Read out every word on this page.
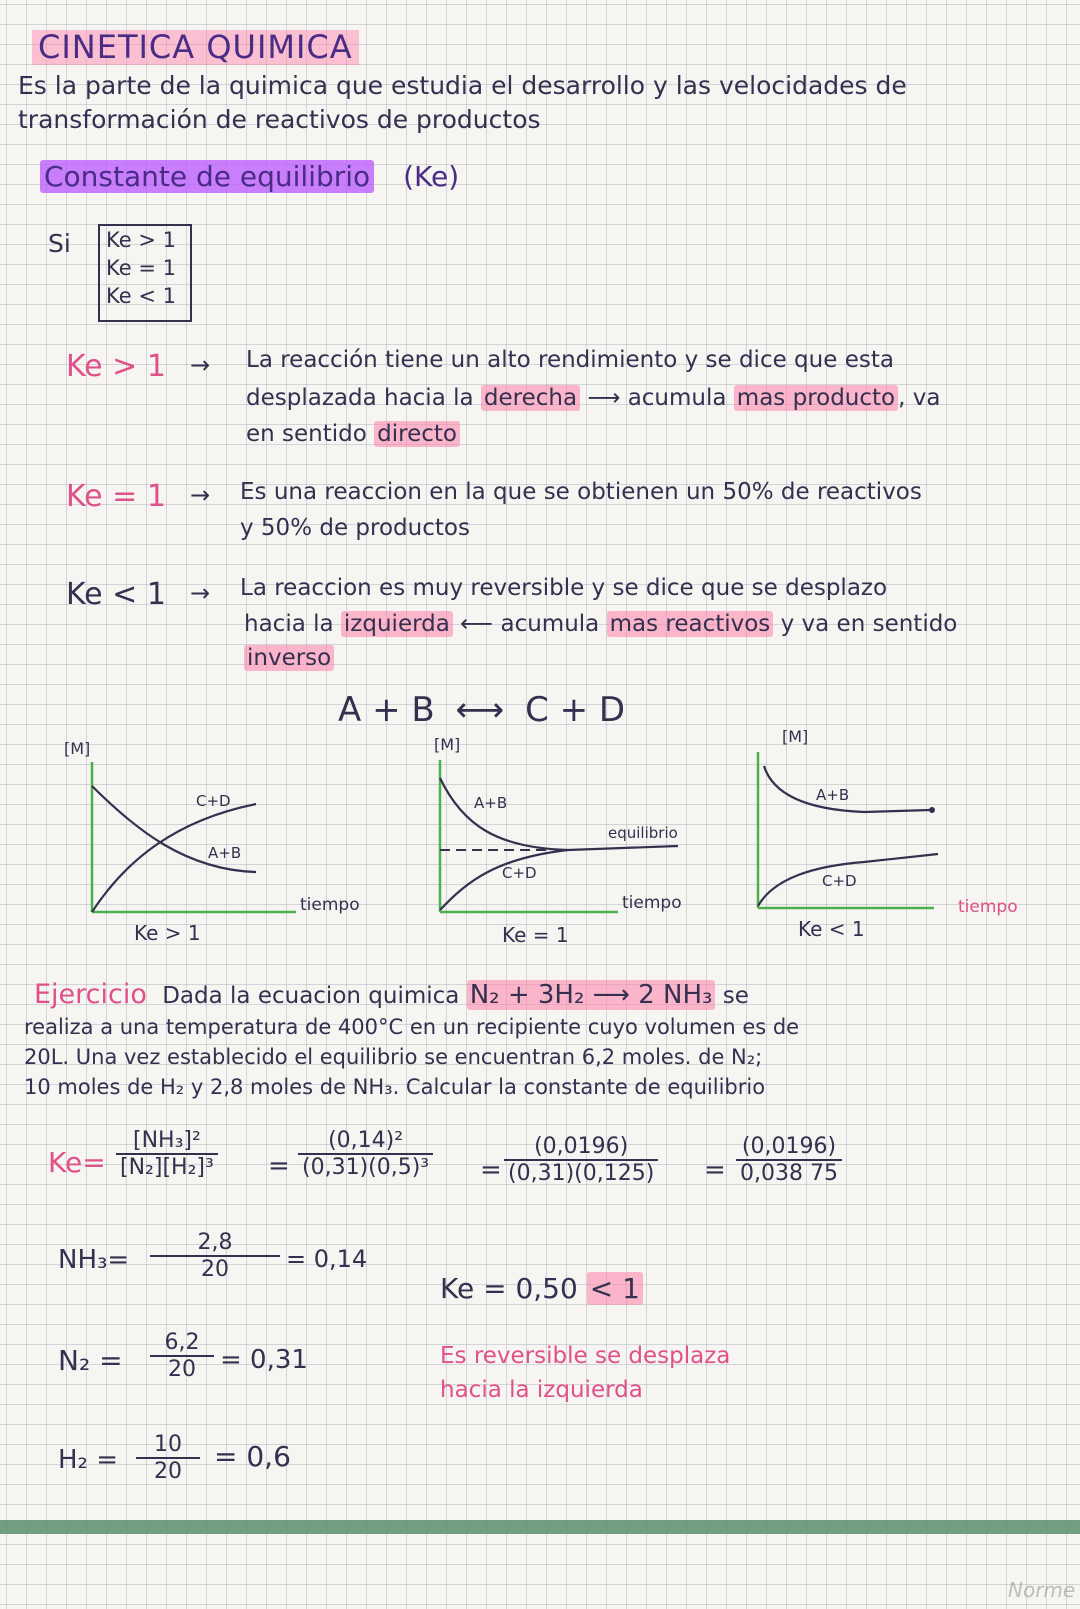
CINETICA QUIMICA
Es la parte de la quimica que estudia el desarrollo y las velocidades de
transformación de reactivos de productos
Constante de equilibrio (Ke)
Si Ke > 1
Ke = 1
Ke < 1
Ke > 1 → La reacción tiene un alto rendimiento y se dice que esta
desplazada hacia la derecha ⟶ acumula mas producto , va
en sentido directo
Ke = 1 → Es una reaccion en la que se obtienen un 50% de reactivos
y 50% de productos
Ke < 1 → La reaccion es muy reversible y se dice que se desplazo
hacia la izquierda ⟵ acumula mas reactivos y va en sentido
inverso
A + B ⟷ C + D
[M]
C+D
A+B
tiempo
Ke > 1
[M]
A+B
C+D
equilibrio
tiempo
Ke = 1
[M]
A+B
C+D
tiempo
Ke < 1
Ejercicio Dada la ecuacion quimica N₂ + 3H₂ ⟶ 2 NH₃ se
realiza a una temperatura de 400°C en un recipiente cuyo volumen es de
20L. Una vez establecido el equilibrio se encuentran 6,2 moles. de N₂;
10 moles de H₂ y 2,8 moles de NH₃. Calcular la constante de equilibrio
$Ke= \frac{\text{[NH₃]²}}{\text{[N₂][H₂]³}} = \frac{\text{(0,14)²}}{\text{(0,31)(0,5)³}} = \frac{(0,0196)}{(0,31)(0,125)} = \frac{(0,0196)}{0,038 75}$
$NH_3= \frac{2,8}{20} = 0,14$
Ke = 0,50 < 1
$N_2 = \frac{6,2}{20} = 0,31$	Es reversible se desplaza
hacia la izquierda
$H_2 = \frac{10}{20} = 0,6$
Norme
